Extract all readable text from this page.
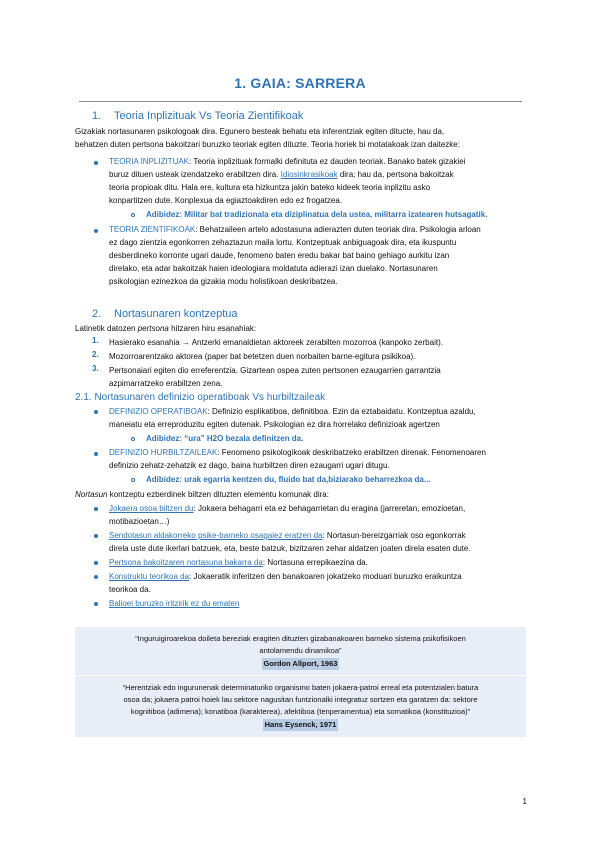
1. GAIA: SARRERA
1. Teoria Inplizituak Vs Teoria Zientifikoak
Gizakiak nortasunaren psikologoak dira. Egunero besteak behatu eta inferentziak egiten ditucte, hau da,
behatzen duten pertsona bakoitzari buruzko teoriak egiten dituzte. Teoria horiek bi motatakoak izan daitezke:
TEORIA INPLIZITUAK: Teoria inplizituak formalki definituta ez dauden teoriak. Banako batek gizakiei
buruz dituen usteak izendatzeko erabiltzen dira. Idiosinkrasikoak dira; hau da, pertsona bakoitzak
teoria propioak ditu. Hala ere, kultura eta hizkuntza jakin bateko kideek teoria inplizitu asko
konpartitzen dute. Konplexua da egiaztoakdiren edo ez frogatzea.
Adibidez: Militar bat tradizionala eta diziplinatua dela ustea, militarra izatearen hutsagatik.
TEORIA ZIENTIFIKOAK: Behatzaileen artelo adostasuna adierazten duten teoriak dira. Psikologia arloan
ez dago zientzia egonkorren zehaztazun maila lortu. Kontzeptuak anbiguagoak dira, eta ikuspuntu
desberdineko korronte ugari daude, fenomeno baten eredu bakar bat baino gehiago aurkitu izan
direlako, eta adar bakoitzak haien ideologiara moldatuta adierazi izan duelako. Nortasunaren
psikologian ezinezkoa da gizakia modu holistikoan deskribatzea.
2. Nortasunaren kontzeptua
Latinetik datozen pertsona hitzaren hiru esanahiak:
1. Hasierako esanahia → Antzerki emanaldietan aktoreek zerabilten mozorroa (kanpoko zerbait).
2. Mozorroarentzako aktorea (paper bat betetzen duen norbaiten barne-egitura psikikoa).
3. Pertsonaiari egiten dio erreferentzia. Gizartean ospea zuten pertsonen ezaugarrien garrantzia
azpimarratzeko erabiltzen zena.
2.1. Nortasunaren definizio operatiboak Vs hurbiltzaileak
DEFINIZIO OPERATIBOAK: Definizio esplikatiboa, definitiboa. Ezin da eztabaidatu. Kontzeptua azaldu,
maneiatu eta erreproduzitu egiten dutenak. Psikologian ez dira horrelako definizioak agertzen
Adibidez: “ura” H2O bezala definitzen da.
DEFINIZIO HURBILTZAILEAK: Fenomeno psikologikoak deskribatzeko erabiltzen direnak. Fenomenoaren
definizio zehatz-zehatzik ez dago, baina hurbiltzen diren ezaugarri ugari ditugu.
Adibidez: urak egarria kentzen du, fluido bat da,biziarako beharrezkoa da...
Nortasun kontzeptu ezberdinek biltzen dituzten elementu komunak dira:
Jokaera osoa biltzen du: Jokaera behagarri eta ez behagarrietan du eragina (jarreretan, emozioetan,
motibazioetan…)
Sendotasun aldakorreko psike-barneko osagaiez eratzen da: Nortasun-bereizgarriak oso egonkorrak
direla uste dute ikerlari batzuek, eta, beste batzuk, bizitzaren zehar aldatzen joaten direla esaten dute.
Pertsona bakoitzaren nortasuna bakarra da: Nortasuna errepikaezina da.
Konstruktu teorikoa da: Jokaeratik inferitzen den banakoaren jokatzeko moduari buruzko eraikuntza
teorikoa da.
Balioei buruzko iritzirik ez du ematen
“Inguruigiroarekoa doileta bereziak eragiten dituzten gizabanakoaren barneko sistema psikofisikoen
antolamendu dinamikoa”
Gordon Allport, 1963
“Herentziak edo ingurunenak determinaturiko organismo baten jokaera-patroi erreal eta potentzialen batura
osoa da; jokaera patroi hoiek lau sektore nagusitan funtzionalki integratuz sortzen eta garatzen da: sektore
kognitiboa (adimena); konatiboa (karakterea), afektiboa (tenperamentua) eta somatikoa (konstituzioa)”
Hans Eysenck, 1971
1
